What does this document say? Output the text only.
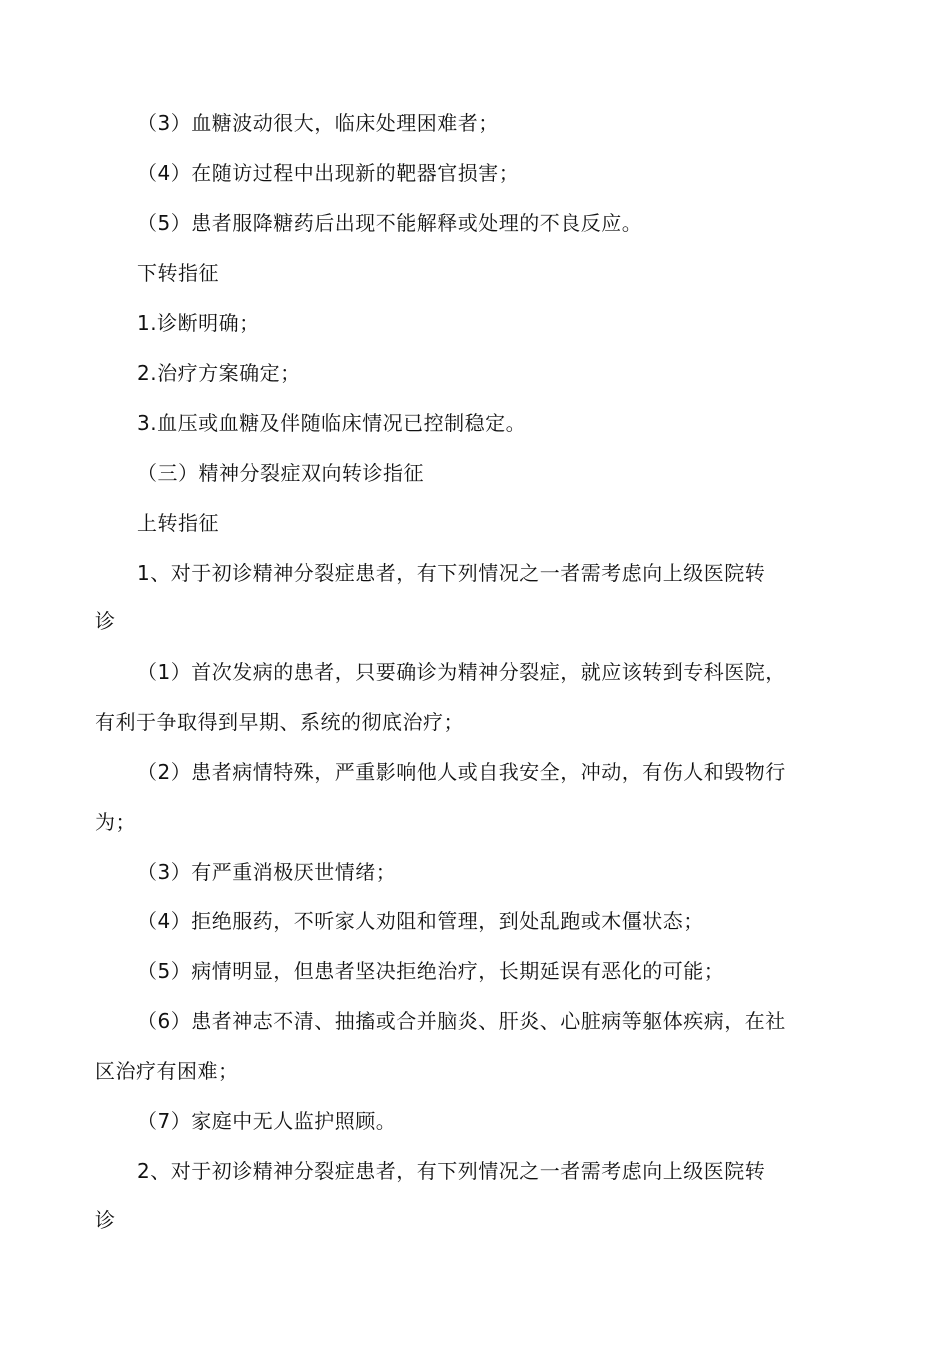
（3）血糖波动很大，临床处理困难者；
（4）在随访过程中出现新的靶器官损害；
（5）患者服降糖药后出现不能解释或处理的不良反应。
下转指征
1.诊断明确；
2.治疗方案确定；
3.血压或血糖及伴随临床情况已控制稳定。
（三）精神分裂症双向转诊指征
上转指征
1、对于初诊精神分裂症患者，有下列情况之一者需考虑向上级医院转
诊
（1）首次发病的患者，只要确诊为精神分裂症，就应该转到专科医院，
有利于争取得到早期、系统的彻底治疗；
（2）患者病情特殊，严重影响他人或自我安全，冲动，有伤人和毁物行
为；
（3）有严重消极厌世情绪；
（4）拒绝服药，不听家人劝阻和管理，到处乱跑或木僵状态；
（5）病情明显，但患者坚决拒绝治疗，长期延误有恶化的可能；
（6）患者神志不清、抽搐或合并脑炎、肝炎、心脏病等躯体疾病，在社
区治疗有困难；
（7）家庭中无人监护照顾。
2、对于初诊精神分裂症患者，有下列情况之一者需考虑向上级医院转
诊
